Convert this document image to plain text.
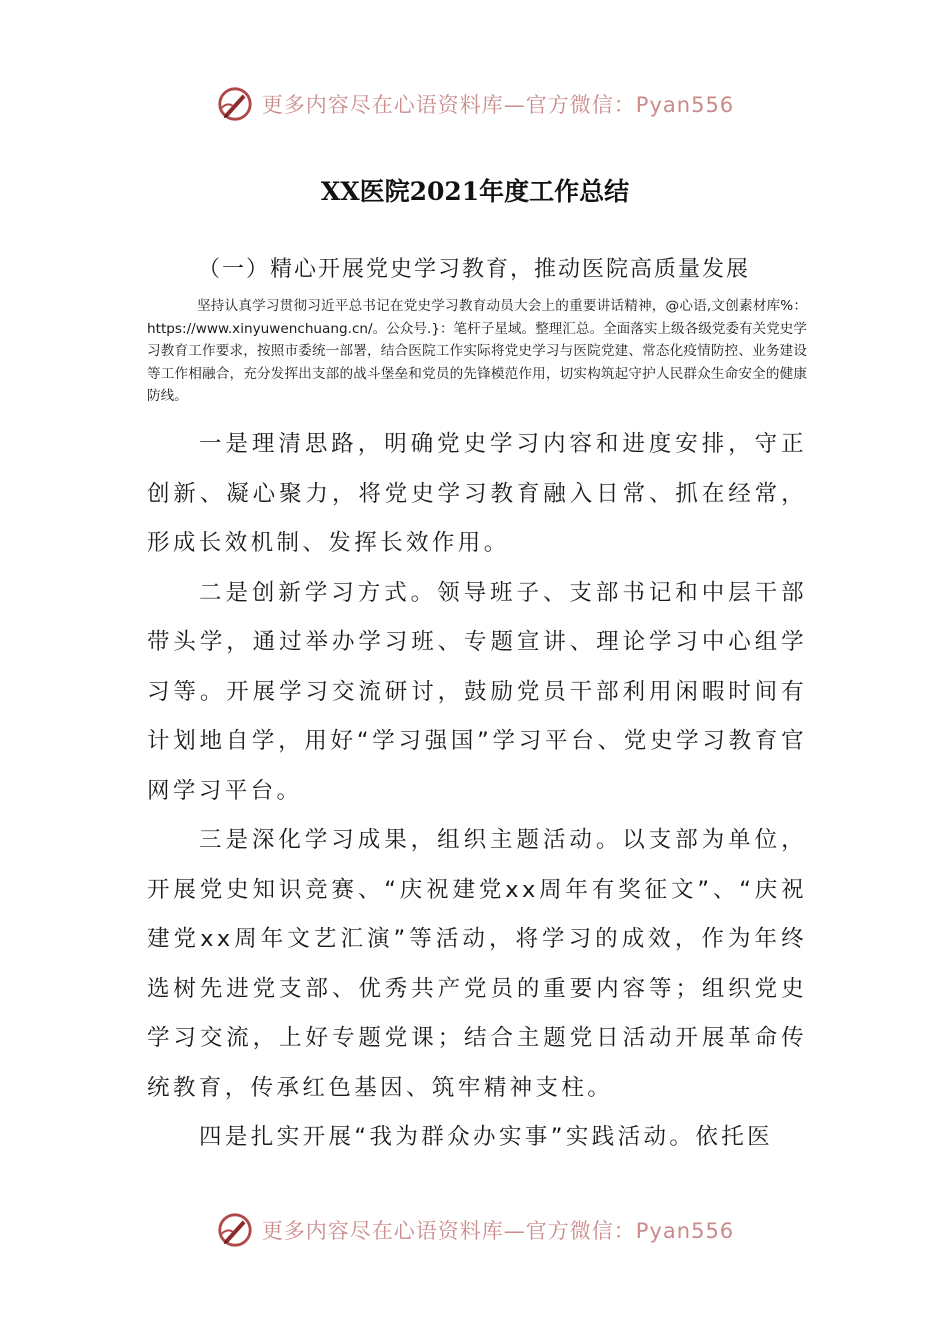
更多内容尽在心语资料库—官方微信：Pyan556
XX医院2021年度工作总结
（一）精心开展党史学习教育，推动医院高质量发展

坚持认真学习贯彻习近平总书记在党史学习教育动员大会上的重要讲话精神，@心语,文创素材库%：https://www.xinyuwenchuang.cn/。公众号.}：笔杆子星域。整理汇总。全面落实上级各级党委有关党史学习教育工作要求，按照市委统一部署，结合医院工作实际将党史学习与医院党建、常态化疫情防控、业务建设等工作相融合，充分发挥出支部的战斗堡垒和党员的先锋模范作用，切实构筑起守护人民群众生命安全的健康防线。

一是理清思路，明确党史学习内容和进度安排，守正创新、凝心聚力，将党史学习教育融入日常、抓在经常，形成长效机制、发挥长效作用。

二是创新学习方式。领导班子、支部书记和中层干部带头学，通过举办学习班、专题宣讲、理论学习中心组学习等。开展学习交流研讨，鼓励党员干部利用闲暇时间有计划地自学，用好“学习强国”学习平台、党史学习教育官网学习平台。

三是深化学习成果，组织主题活动。以支部为单位，开展党史知识竞赛、“庆祝建党xx周年有奖征文”、“庆祝建党xx周年文艺汇演”等活动，将学习的成效，作为年终选树先进党支部、优秀共产党员的重要内容等；组织党史学习交流，上好专题党课；结合主题党日活动开展革命传统教育，传承红色基因、筑牢精神支柱。

四是扎实开展“我为群众办实事”实践活动。依托医

更多内容尽在心语资料库—官方微信：Pyan556
